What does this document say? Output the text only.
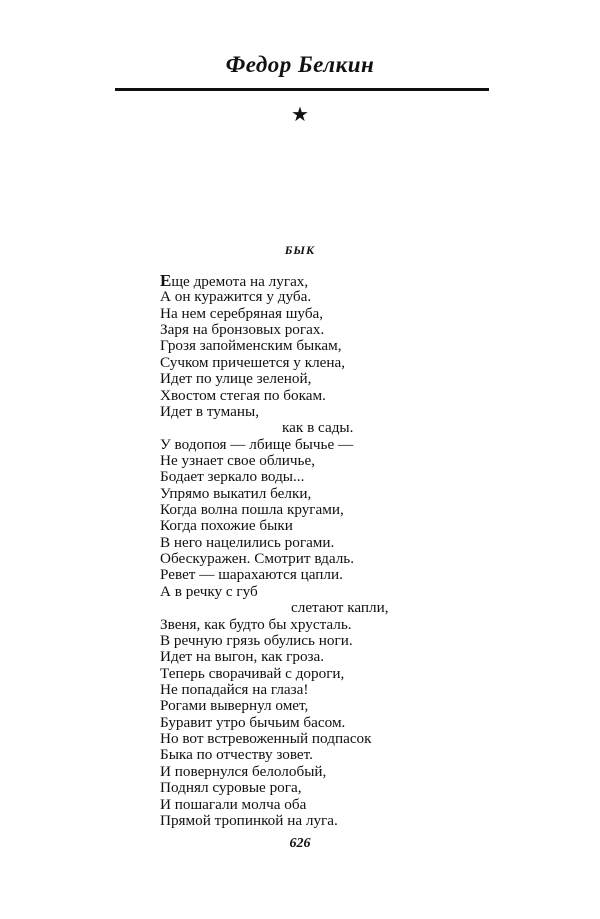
Федор Белкин
★
БЫК
Еще дремота на лугах,
А он куражится у дуба.
На нем серебряная шуба,
Заря на бронзовых рогах.
Грозя запойменским быкам,
Сучком причешется у клена,
Идет по улице зеленой,
Хвостом стегая по бокам.
Идет в туманы,
как в сады.
У водопоя — лбище бычье —
Не узнает свое обличье,
Бодает зеркало воды...
Упрямо выкатил белки,
Когда волна пошла кругами,
Когда похожие быки
В него нацелились рогами.
Обескуражен. Смотрит вдаль.
Ревет — шарахаются цапли.
А в речку с губ
слетают капли,
Звеня, как будто бы хрусталь.
В речную грязь обулись ноги.
Идет на выгон, как гроза.
Теперь сворачивай с дороги,
Не попадайся на глаза!
Рогами вывернул омет,
Буравит утро бычьим басом.
Но вот встревоженный подпасок
Быка по отчеству зовет.
И повернулся белолобый,
Поднял суровые рога,
И пошагали молча оба
Прямой тропинкой на луга.
626
